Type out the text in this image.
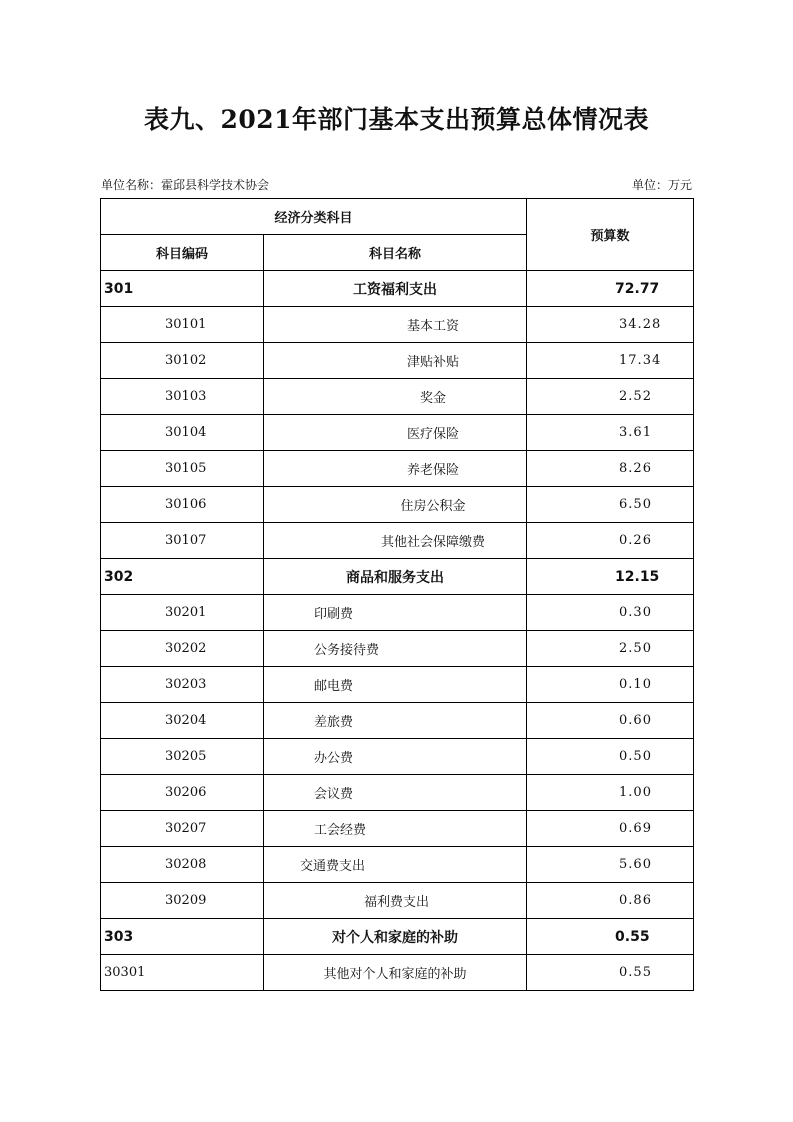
表九、2021年部门基本支出预算总体情况表
单位名称：霍邱县科学技术协会	单位：万元
经济分类科目		预算数
科目编码	科目名称	
301	工资福利支出	72.77
30101	基本工资	34.28
30102	津贴补贴	17.34
30103	奖金	2.52
30104	医疗保险	3.61
30105	养老保险	8.26
30106	住房公积金	6.50
30107	其他社会保障缴费	0.26
302	商品和服务支出	12.15
30201	印刷费	0.30
30202	公务接待费	2.50
30203	邮电费	0.10
30204	差旅费	0.60
30205	办公费	0.50
30206	会议费	1.00
30207	工会经费	0.69
30208	交通费支出	5.60
30209	福利费支出	0.86
303	对个人和家庭的补助	0.55
30301	其他对个人和家庭的补助	0.55
